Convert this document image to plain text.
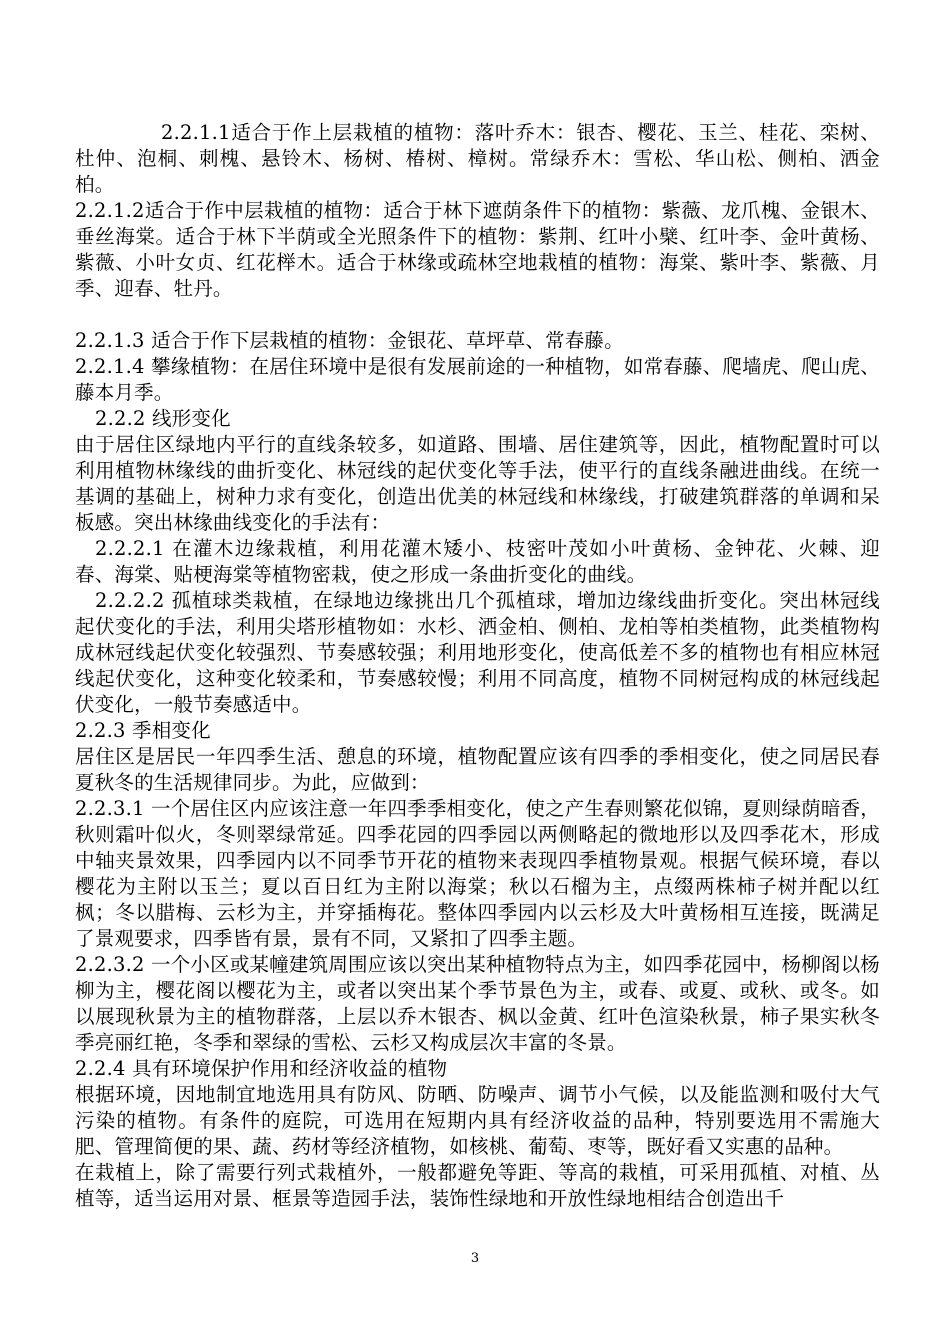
2.2.1.1适合于作上层栽植的植物：落叶乔木：银杏、樱花、玉兰、桂花、栾树、杜仲、泡桐、刺槐、悬铃木、杨树、椿树、樟树。常绿乔木：雪松、华山松、侧柏、洒金柏。

2.2.1.2适合于作中层栽植的植物：适合于林下遮荫条件下的植物：紫薇、龙爪槐、金银木、垂丝海棠。适合于林下半荫或全光照条件下的植物：紫荆、红叶小檗、红叶李、金叶黄杨、紫薇、小叶女贞、红花榉木。适合于林缘或疏林空地栽植的植物：海棠、紫叶李、紫薇、月季、迎春、牡丹。

2.2.1.3 适合于作下层栽植的植物：金银花、草坪草、常春藤。

2.2.1.4 攀缘植物：在居住环境中是很有发展前途的一种植物，如常春藤、爬墙虎、爬山虎、藤本月季。

2.2.2 线形变化

由于居住区绿地内平行的直线条较多，如道路、围墙、居住建筑等，因此，植物配置时可以利用植物林缘线的曲折变化、林冠线的起伏变化等手法，使平行的直线条融进曲线。在统一基调的基础上，树种力求有变化，创造出优美的林冠线和林缘线，打破建筑群落的单调和呆板感。突出林缘曲线变化的手法有：

2.2.2.1 在灌木边缘栽植，利用花灌木矮小、枝密叶茂如小叶黄杨、金钟花、火棘、迎春、海棠、贴梗海棠等植物密栽，使之形成一条曲折变化的曲线。

2.2.2.2 孤植球类栽植，在绿地边缘挑出几个孤植球，增加边缘线曲折变化。突出林冠线起伏变化的手法，利用尖塔形植物如：水杉、洒金柏、侧柏、龙柏等柏类植物，此类植物构成林冠线起伏变化较强烈、节奏感较强；利用地形变化，使高低差不多的植物也有相应林冠线起伏变化，这种变化较柔和，节奏感较慢；利用不同高度，植物不同树冠构成的林冠线起伏变化，一般节奏感适中。

2.2.3 季相变化

居住区是居民一年四季生活、憩息的环境，植物配置应该有四季的季相变化，使之同居民春夏秋冬的生活规律同步。为此，应做到：

2.2.3.1 一个居住区内应该注意一年四季季相变化，使之产生春则繁花似锦，夏则绿荫暗香，秋则霜叶似火，冬则翠绿常延。四季花园的四季园以两侧略起的微地形以及四季花木，形成中轴夹景效果，四季园内以不同季节开花的植物来表现四季植物景观。根据气候环境，春以樱花为主附以玉兰；夏以百日红为主附以海棠；秋以石榴为主，点缀两株柿子树并配以红枫；冬以腊梅、云杉为主，并穿插梅花。整体四季园内以云杉及大叶黄杨相互连接，既满足了景观要求，四季皆有景，景有不同，又紧扣了四季主题。

2.2.3.2 一个小区或某幢建筑周围应该以突出某种植物特点为主，如四季花园中，杨柳阁以杨柳为主，樱花阁以樱花为主，或者以突出某个季节景色为主，或春、或夏、或秋、或冬。如以展现秋景为主的植物群落，上层以乔木银杏、枫以金黄、红叶色渲染秋景，柿子果实秋冬季亮丽红艳，冬季和翠绿的雪松、云杉又构成层次丰富的冬景。

2.2.4 具有环境保护作用和经济收益的植物

根据环境，因地制宜地选用具有防风、防晒、防噪声、调节小气候，以及能监测和吸付大气污染的植物。有条件的庭院，可选用在短期内具有经济收益的品种，特别要选用不需施大肥、管理简便的果、蔬、药材等经济植物，如核桃、葡萄、枣等，既好看又实惠的品种。

在栽植上，除了需要行列式栽植外，一般都避免等距、等高的栽植，可采用孤植、对植、丛植等，适当运用对景、框景等造园手法，装饰性绿地和开放性绿地相结合创造出千

3
